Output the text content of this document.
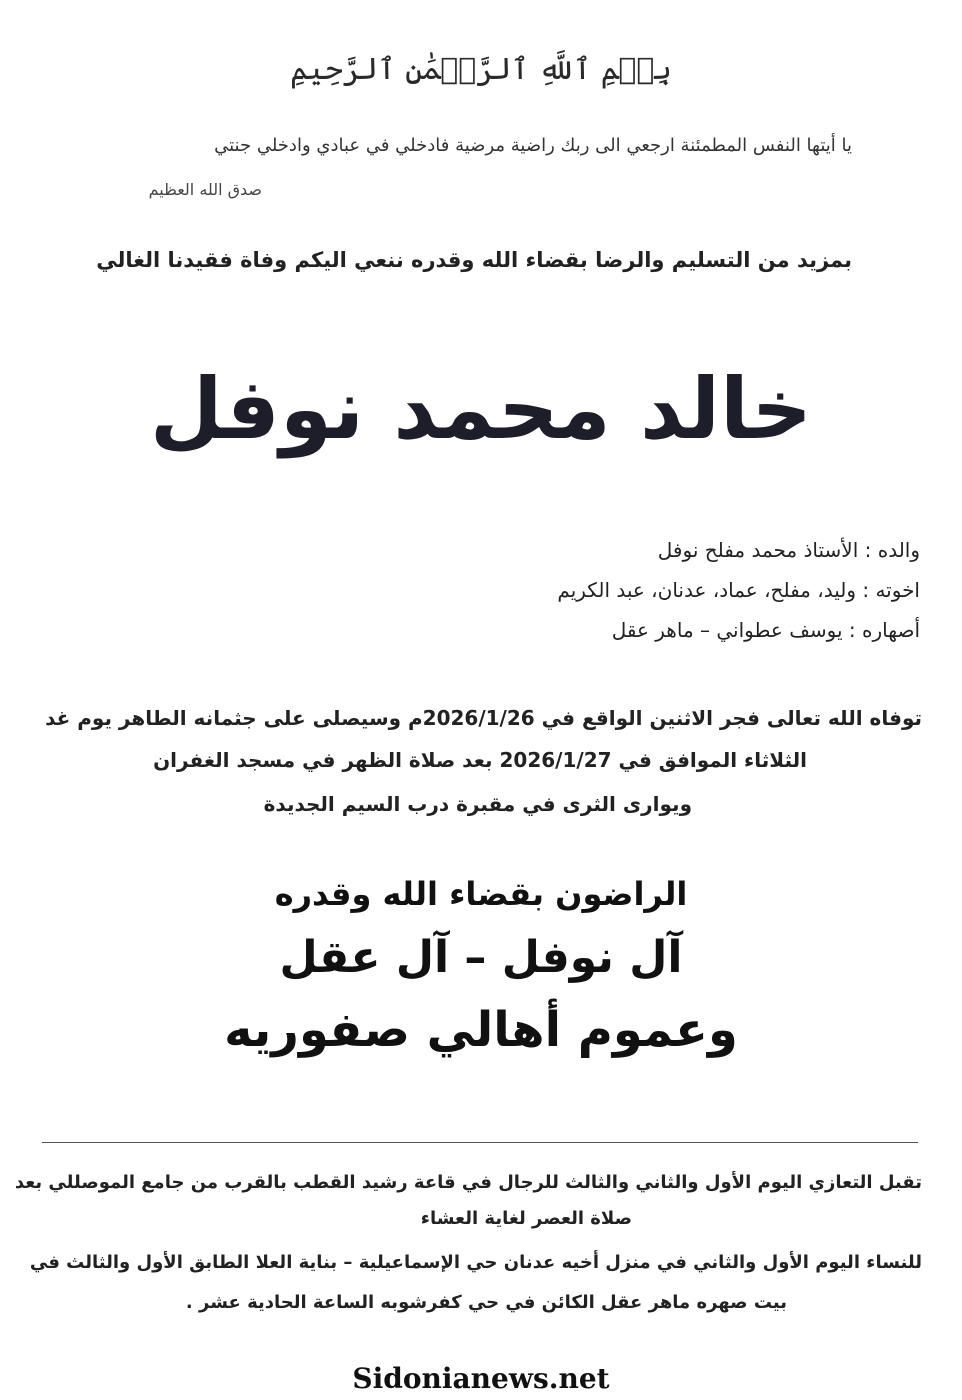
بِسۡمِ ٱللَّهِ ٱلرَّحۡمَٰنِ ٱلرَّحِيمِ
يا أيتها النفس المطمئنة ارجعي الى ربك راضية مرضية فادخلي في عبادي وادخلي جنتي
صدق الله العظيم
بمزيد من التسليم والرضا بقضاء الله وقدره ننعي اليكم وفاة فقيدنا الغالي
خالد محمد نوفل
والده : الأستاذ محمد مفلح نوفل
اخوته : وليد، مفلح، عماد، عدنان، عبد الكريم
أصهاره : يوسف عطواني – ماهر عقل
توفاه الله تعالى فجر الاثنين الواقع في 2026/1/26م وسيصلى على جثمانه الطاهر يوم غد
الثلاثاء الموافق في 2026/1/27 بعد صلاة الظهر في مسجد الغفران
ويوارى الثرى في مقبرة درب السيم الجديدة
الراضون بقضاء الله وقدره
آل نوفل – آل عقل
وعموم أهالي صفوريه
تقبل التعازي اليوم الأول والثاني والثالث للرجال في قاعة رشيد القطب بالقرب من جامع الموصللي بعد
صلاة العصر لغاية العشاء
للنساء اليوم الأول والثاني في منزل أخيه عدنان حي الإسماعيلية – بناية العلا الطابق الأول والثالث في
بيت صهره ماهر عقل الكائن في حي كفرشوبه الساعة الحادية عشر .
Sidonianews.net
